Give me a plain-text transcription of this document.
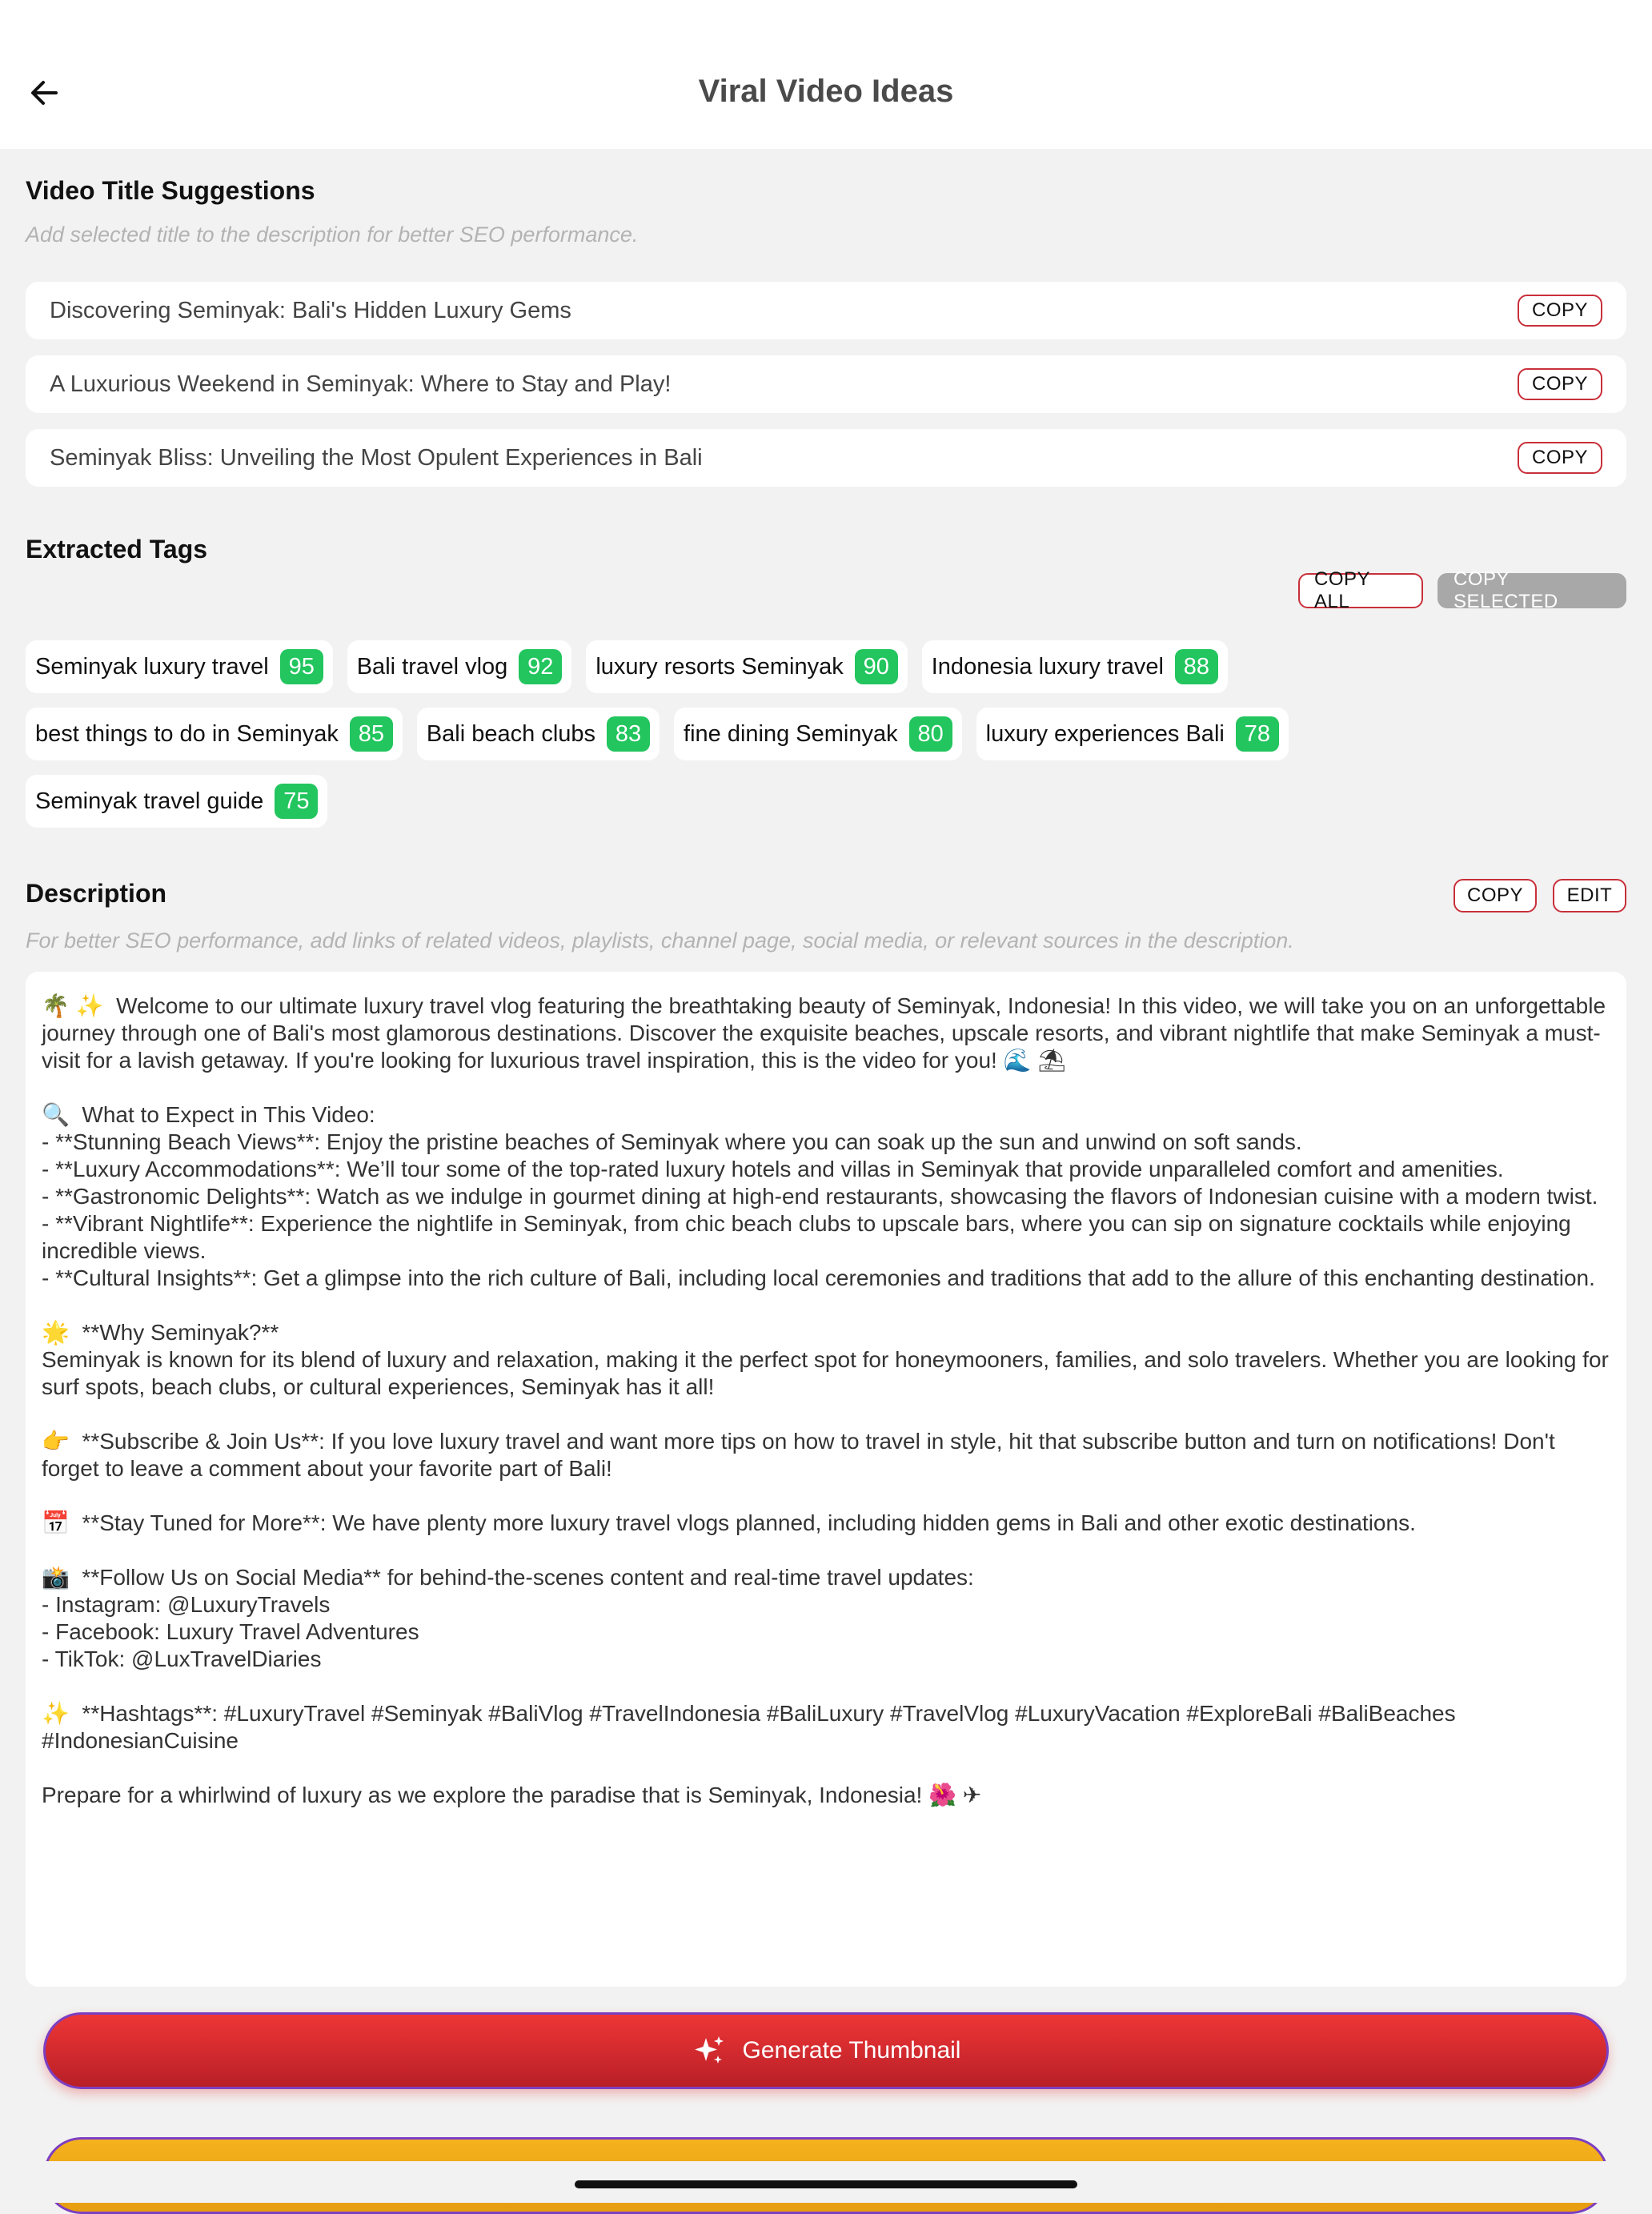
Viral Video Ideas
Video Title Suggestions
Add selected title to the description for better SEO performance.
Discovering Seminyak: Bali's Hidden Luxury Gems	COPY
A Luxurious Weekend in Seminyak: Where to Stay and Play!	COPY
Seminyak Bliss: Unveiling the Most Opulent Experiences in Bali	COPY
Extracted Tags
COPY ALL
COPY SELECTED
Seminyak luxury travel 95	Bali travel vlog 92	luxury resorts Seminyak 90	Indonesia luxury travel 88
best things to do in Seminyak 85	Bali beach clubs 83	fine dining Seminyak 80	luxury experiences Bali 78
Seminyak travel guide 75
Description	COPY	EDIT
For better SEO performance, add links of related videos, playlists, channel page, social media, or relevant sources in the description.
🌴 ✨  Welcome to our ultimate luxury travel vlog featuring the breathtaking beauty of Seminyak, Indonesia! In this video, we will take you on an unforgettable journey through one of Bali's most glamorous destinations. Discover the exquisite beaches, upscale resorts, and vibrant nightlife that make Seminyak a must-visit for a lavish getaway. If you're looking for luxurious travel inspiration, this is the video for you! 🌊 ⛱

🔍  What to Expect in This Video:
- **Stunning Beach Views**: Enjoy the pristine beaches of Seminyak where you can soak up the sun and unwind on soft sands.
- **Luxury Accommodations**: We’ll tour some of the top-rated luxury hotels and villas in Seminyak that provide unparalleled comfort and amenities.
- **Gastronomic Delights**: Watch as we indulge in gourmet dining at high-end restaurants, showcasing the flavors of Indonesian cuisine with a modern twist.
- **Vibrant Nightlife**: Experience the nightlife in Seminyak, from chic beach clubs to upscale bars, where you can sip on signature cocktails while enjoying incredible views.
- **Cultural Insights**: Get a glimpse into the rich culture of Bali, including local ceremonies and traditions that add to the allure of this enchanting destination.

🌟  **Why Seminyak?**
Seminyak is known for its blend of luxury and relaxation, making it the perfect spot for honeymooners, families, and solo travelers. Whether you are looking for surf spots, beach clubs, or cultural experiences, Seminyak has it all!

👉  **Subscribe & Join Us**: If you love luxury travel and want more tips on how to travel in style, hit that subscribe button and turn on notifications! Don't forget to leave a comment about your favorite part of Bali!

📅  **Stay Tuned for More**: We have plenty more luxury travel vlogs planned, including hidden gems in Bali and other exotic destinations.

📸  **Follow Us on Social Media** for behind-the-scenes content and real-time travel updates:
- Instagram: @LuxuryTravels
- Facebook: Luxury Travel Adventures
- TikTok: @LuxTravelDiaries

✨  **Hashtags**: #LuxuryTravel #Seminyak #BaliVlog #TravelIndonesia #BaliLuxury #TravelVlog #LuxuryVacation #ExploreBali #BaliBeaches #IndonesianCuisine

Prepare for a whirlwind of luxury as we explore the paradise that is Seminyak, Indonesia! 🌺 ✈
Generate Thumbnail
